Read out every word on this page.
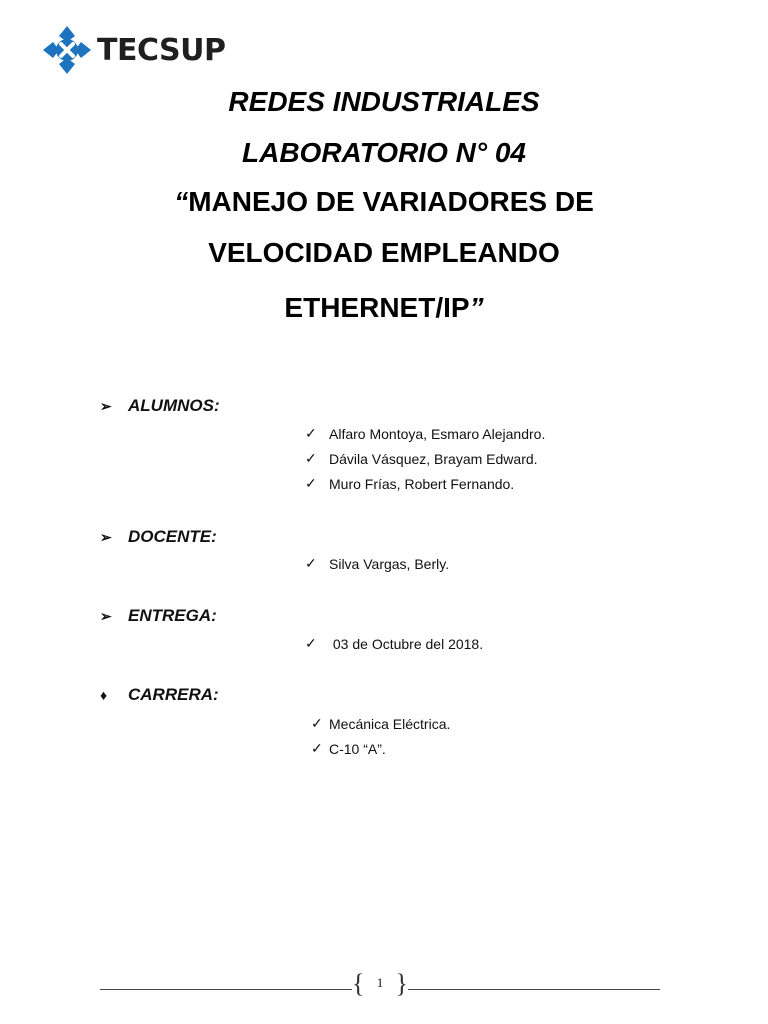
TECSUP
REDES INDUSTRIALES
LABORATORIO N° 04
“MANEJO DE VARIADORES DE
VELOCIDAD EMPLEANDO
ETHERNET/IP”
➢ ALUMNOS:
✓ Alfaro Montoya, Esmaro Alejandro.
✓ Dávila Vásquez, Brayam Edward.
✓ Muro Frías, Robert Fernando.
➢ DOCENTE:
✓ Silva Vargas, Berly.
➢ ENTREGA:
✓ 03 de Octubre del 2018.
♦	CARRERA:
✓ Mecánica Eléctrica.
✓ C-10 “A”.
{ 1 }
